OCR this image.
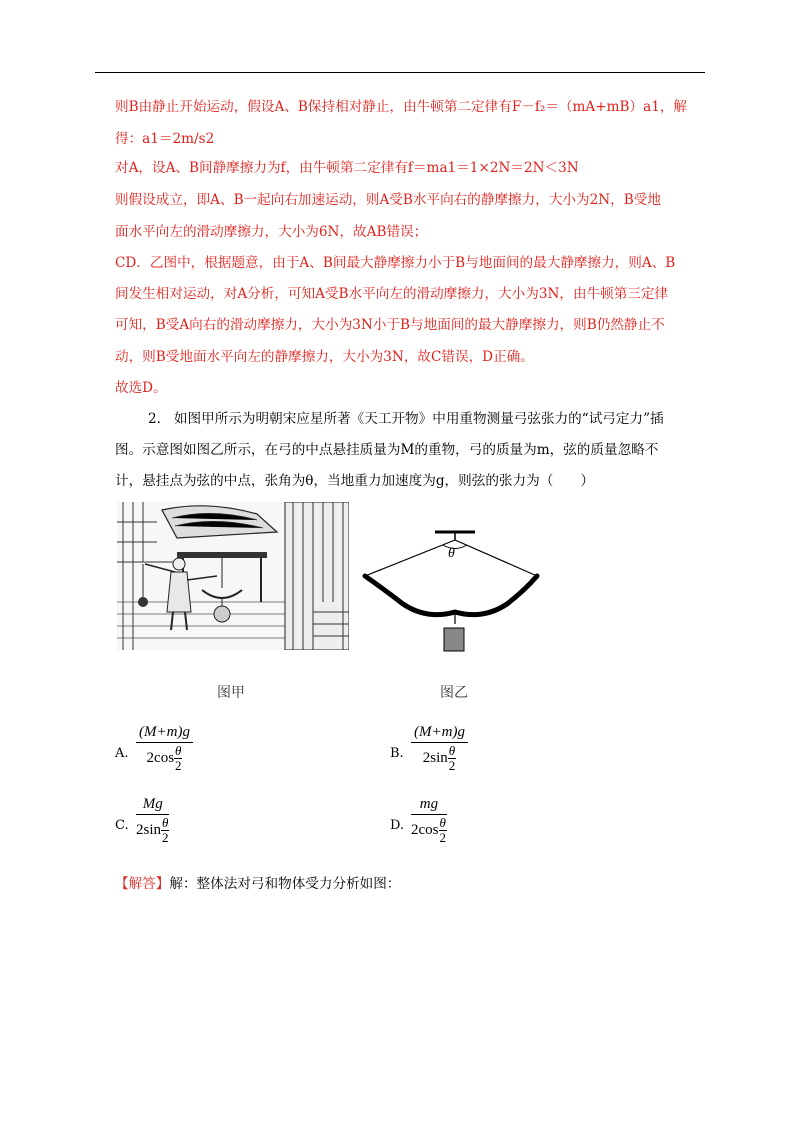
则B由静止开始运动，假设A、B保持相对静止，由牛顿第二定律有F－f₂＝（mA+mB）a1，解
得：a1＝2m/s2
对A，设A、B间静摩擦力为f，由牛顿第二定律有f＝ma1＝1×2N＝2N＜3N
则假设成立，即A、B一起向右加速运动，则A受B水平向右的静摩擦力，大小为2N，B受地
面水平向左的滑动摩擦力，大小为6N，故AB错误；
CD．乙图中，根据题意，由于A、B间最大静摩擦力小于B与地面间的最大静摩擦力，则A、B
间发生相对运动，对A分析，可知A受B水平向左的滑动摩擦力，大小为3N，由牛顿第三定律
可知，B受A向右的滑动摩擦力，大小为3N小于B与地面间的最大静摩擦力，则B仍然静止不
动，则B受地面水平向左的静摩擦力，大小为3N，故C错误，D正确。
故选D。
2. 如图甲所示为明朝宋应星所著《天工开物》中用重物测量弓弦张力的“试弓定力”插
图。示意图如图乙所示，在弓的中点悬挂质量为M的重物，弓的质量为m，弦的质量忽略不
计，悬挂点为弦的中点，张角为θ，当地重力加速度为g，则弦的张力为（　　）
图甲
θ
图乙
A. $\frac{(M+m)g}{2\cos \frac{\theta}{2}}$	B. $\frac{(M+m)g}{2\sin \frac{\theta}{2}}$
C. $\frac{Mg}{2\sin \frac{\theta}{2}}$	D. $\frac{mg}{2\cos \frac{\theta}{2}}$
【解答】解：整体法对弓和物体受力分析如图：
